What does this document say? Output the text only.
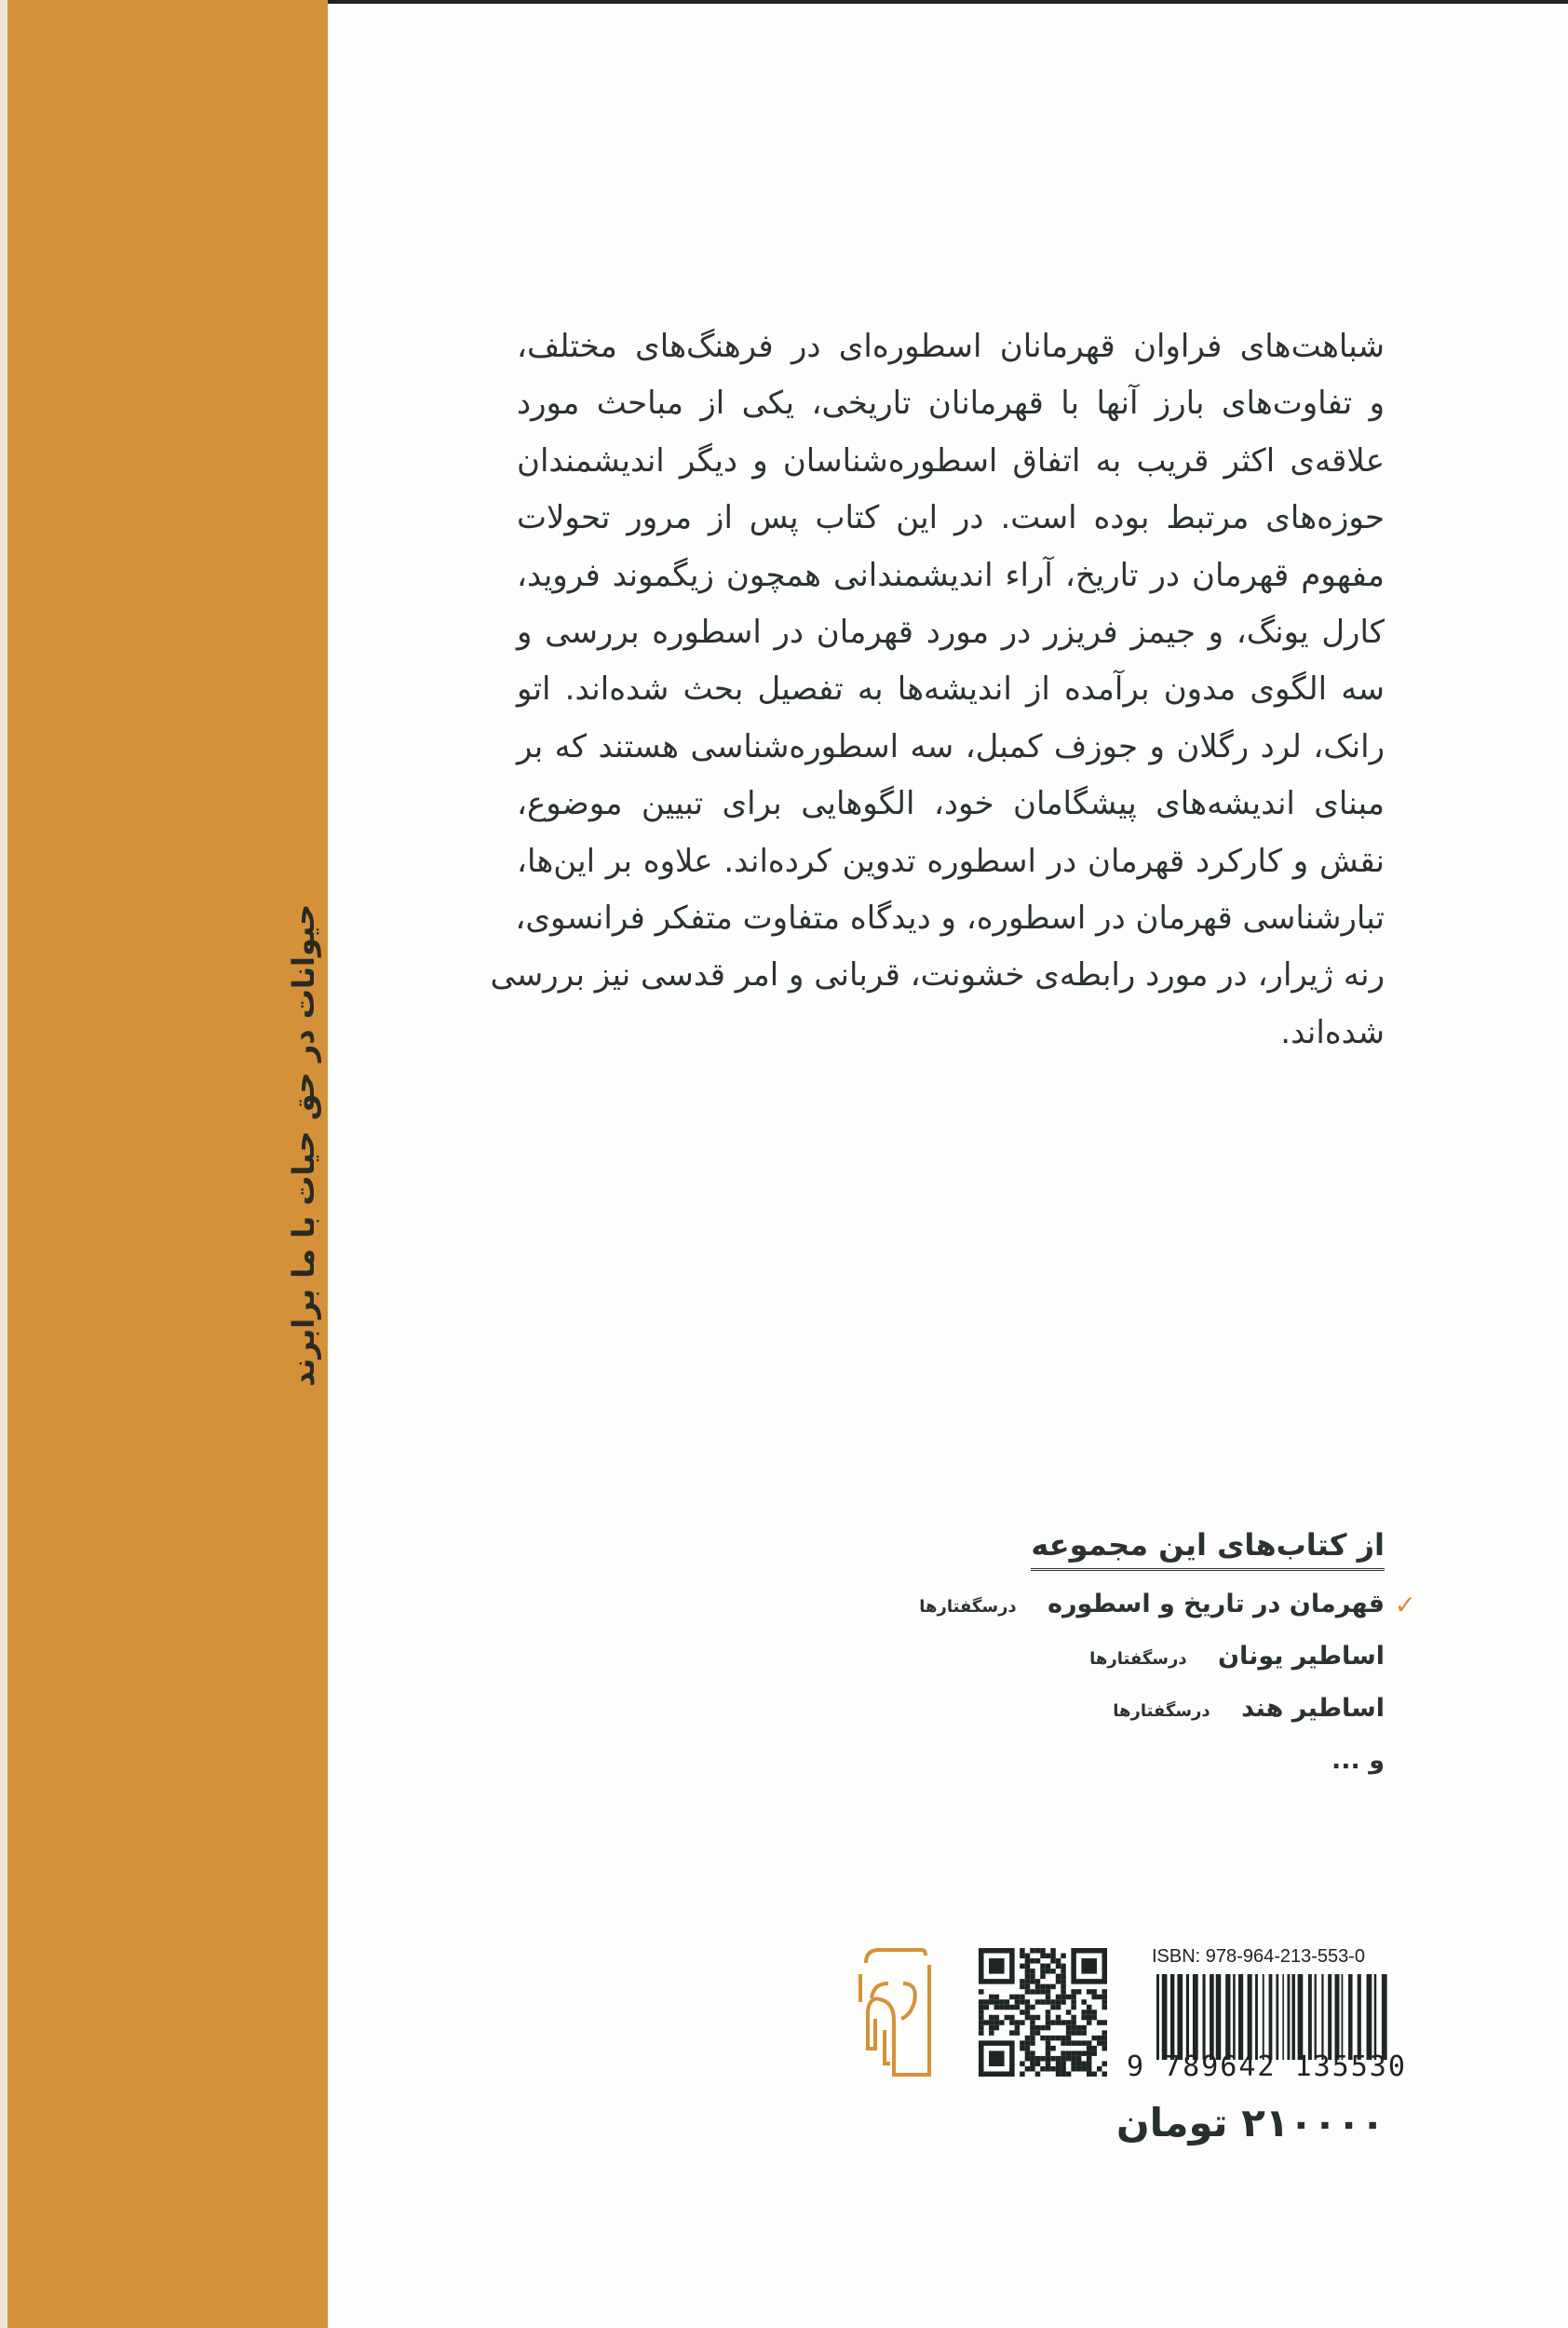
حیوانات در حق حیات با ما برابرند
شباهت‌های فراوان قهرمانان اسطوره‌ای در فرهنگ‌های مختلف،
و تفاوت‌های بارز آنها با قهرمانان تاریخی، یکی از مباحث مورد
علاقه‌ی اکثر قریب به اتفاق اسطوره‌شناسان و دیگر اندیشمندان
حوزه‌های مرتبط بوده است. در این کتاب پس از مرور تحولات
مفهوم قهرمان در تاریخ، آراء اندیشمندانی همچون زیگموند فروید،
کارل یونگ، و جیمز فریزر در مورد قهرمان در اسطوره بررسی و
سه الگوی مدون برآمده از اندیشه‌ها به تفصیل بحث شده‌اند. اتو
رانک، لرد رگلان و جوزف کمبل، سه اسطوره‌شناسی هستند که بر
مبنای اندیشه‌های پیشگامان خود، الگوهایی برای تبیین موضوع،
نقش و کارکرد قهرمان در اسطوره تدوین کرده‌اند. علاوه بر این‌ها،
تبارشناسی قهرمان در اسطوره، و دیدگاه متفاوت متفکر فرانسوی،
رنه ژیرار، در مورد رابطه‌ی خشونت، قربانی و امر قدسی نیز بررسی
شده‌اند.
از کتاب‌های این مجموعه
✓
قهرمان در تاریخ و اسطوره درسگفتارها
اساطیر یونان درسگفتارها
اساطیر هند درسگفتارها
و ...
ISBN: 978-964-213-553-0
9 789642 135530
۲۱۰۰۰۰ تومان
